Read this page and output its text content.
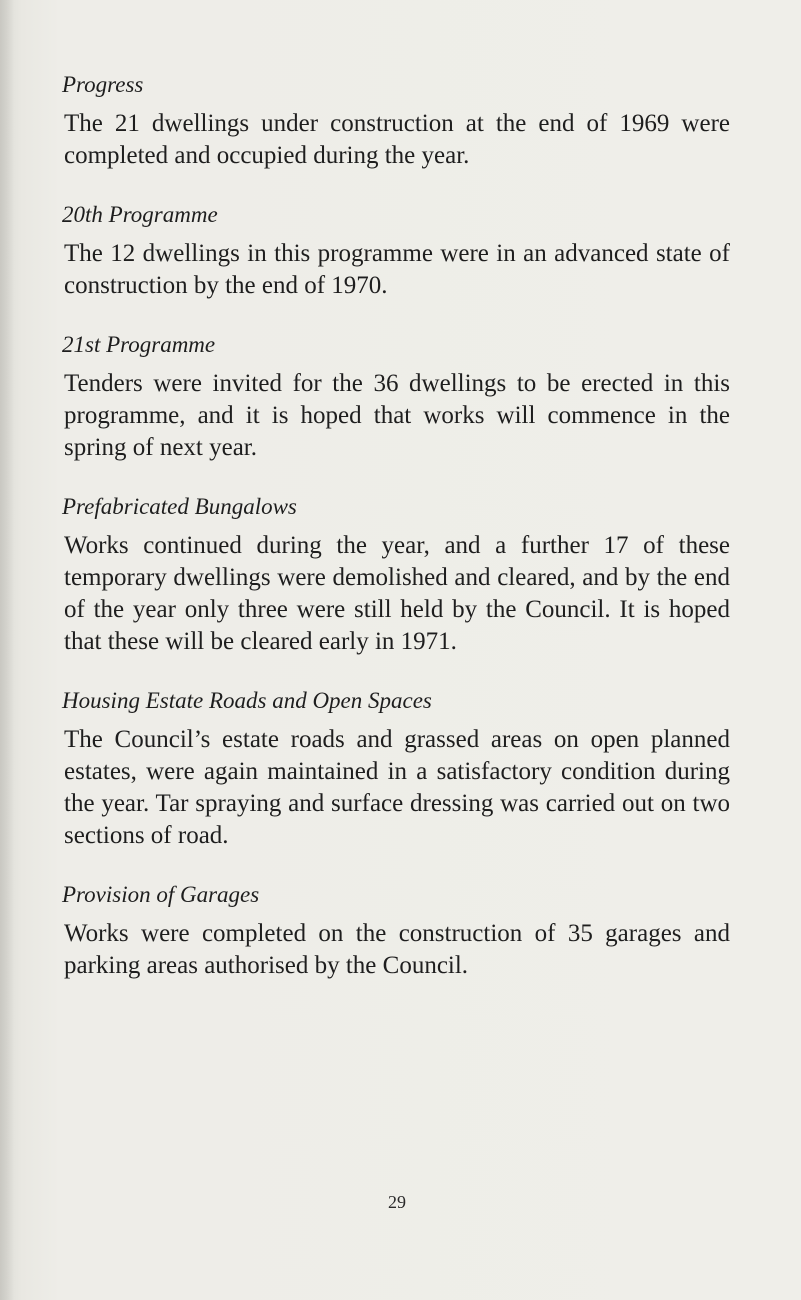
Progress

The 21 dwellings under construction at the end of 1969 were completed and occupied during the year.

20th Programme

The 12 dwellings in this programme were in an advanced state of construction by the end of 1970.

21st Programme

Tenders were invited for the 36 dwellings to be erected in this programme, and it is hoped that works will commence in the spring of next year.

Prefabricated Bungalows

Works continued during the year, and a further 17 of these temporary dwellings were demolished and cleared, and by the end of the year only three were still held by the Council. It is hoped that these will be cleared early in 1971.

Housing Estate Roads and Open Spaces

The Council’s estate roads and grassed areas on open planned estates, were again maintained in a satisfactory condition during the year. Tar spraying and surface dressing was carried out on two sections of road.

Provision of Garages

Works were completed on the construction of 35 garages and parking areas authorised by the Council.

29
